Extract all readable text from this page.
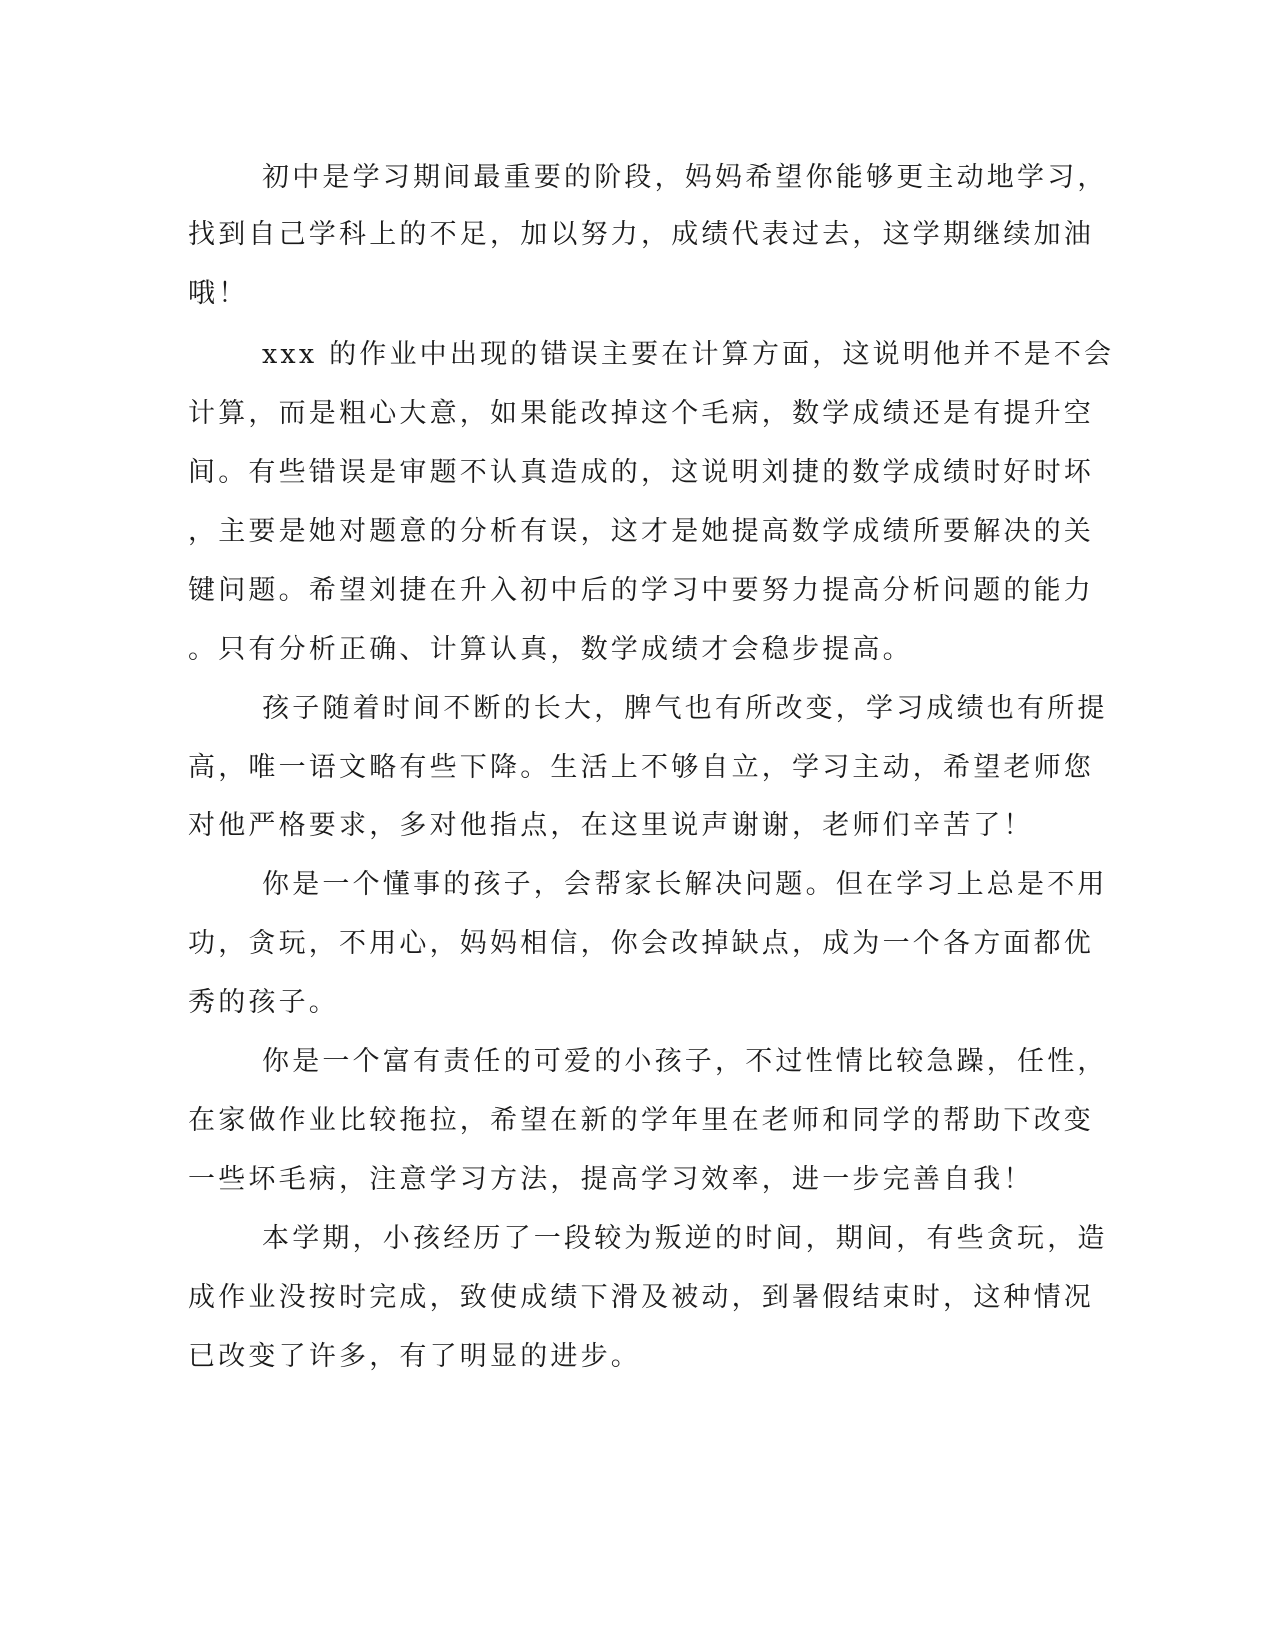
初中是学习期间最重要的阶段，妈妈希望你能够更主动地学习，
找到自己学科上的不足，加以努力，成绩代表过去，这学期继续加油
哦！
xxx 的作业中出现的错误主要在计算方面，这说明他并不是不会
计算，而是粗心大意，如果能改掉这个毛病，数学成绩还是有提升空
间。有些错误是审题不认真造成的，这说明刘捷的数学成绩时好时坏
，主要是她对题意的分析有误，这才是她提高数学成绩所要解决的关
键问题。希望刘捷在升入初中后的学习中要努力提高分析问题的能力
。只有分析正确、计算认真，数学成绩才会稳步提高。
孩子随着时间不断的长大，脾气也有所改变，学习成绩也有所提
高，唯一语文略有些下降。生活上不够自立，学习主动，希望老师您
对他严格要求，多对他指点，在这里说声谢谢，老师们辛苦了！
你是一个懂事的孩子，会帮家长解决问题。但在学习上总是不用
功，贪玩，不用心，妈妈相信，你会改掉缺点，成为一个各方面都优
秀的孩子。
你是一个富有责任的可爱的小孩子，不过性情比较急躁，任性，
在家做作业比较拖拉，希望在新的学年里在老师和同学的帮助下改变
一些坏毛病，注意学习方法，提高学习效率，进一步完善自我！
本学期，小孩经历了一段较为叛逆的时间，期间，有些贪玩，造
成作业没按时完成，致使成绩下滑及被动，到暑假结束时，这种情况
已改变了许多，有了明显的进步。
